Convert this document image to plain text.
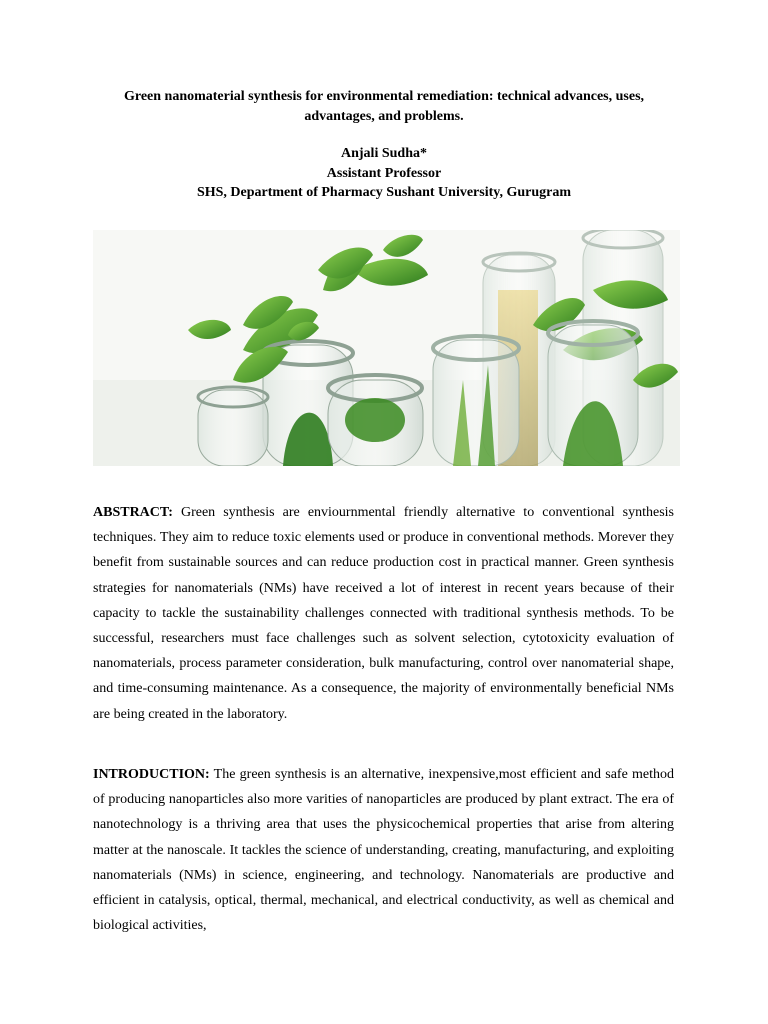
Green nanomaterial synthesis for environmental remediation: technical advances, uses, advantages, and problems.
Anjali Sudha*
Assistant Professor
SHS, Department of Pharmacy Sushant University, Gurugram

ABSTRACT: Green synthesis are enviournmental friendly alternative to conventional synthesis techniques. They aim to reduce toxic elements used or produce in conventional methods. Morever they benefit from sustainable sources and can reduce production cost in practical manner. Green synthesis strategies for nanomaterials (NMs) have received a lot of interest in recent years because of their capacity to tackle the sustainability challenges connected with traditional synthesis methods. To be successful, researchers must face challenges such as solvent selection, cytotoxicity evaluation of nanomaterials, process parameter consideration, bulk manufacturing, control over nanomaterial shape, and time-consuming maintenance. As a consequence, the majority of environmentally beneficial NMs are being created in the laboratory.

INTRODUCTION: The green synthesis is an alternative, inexpensive,most efficient and safe method of producing nanoparticles also more varities of nanoparticles are produced by plant extract. The era of nanotechnology is a thriving area that uses the physicochemical properties that arise from altering matter at the nanoscale. It tackles the science of understanding, creating, manufacturing, and exploiting nanomaterials (NMs) in science, engineering, and technology. Nanomaterials are productive and efficient in catalysis, optical, thermal, mechanical, and electrical conductivity, as well as chemical and biological activities,
